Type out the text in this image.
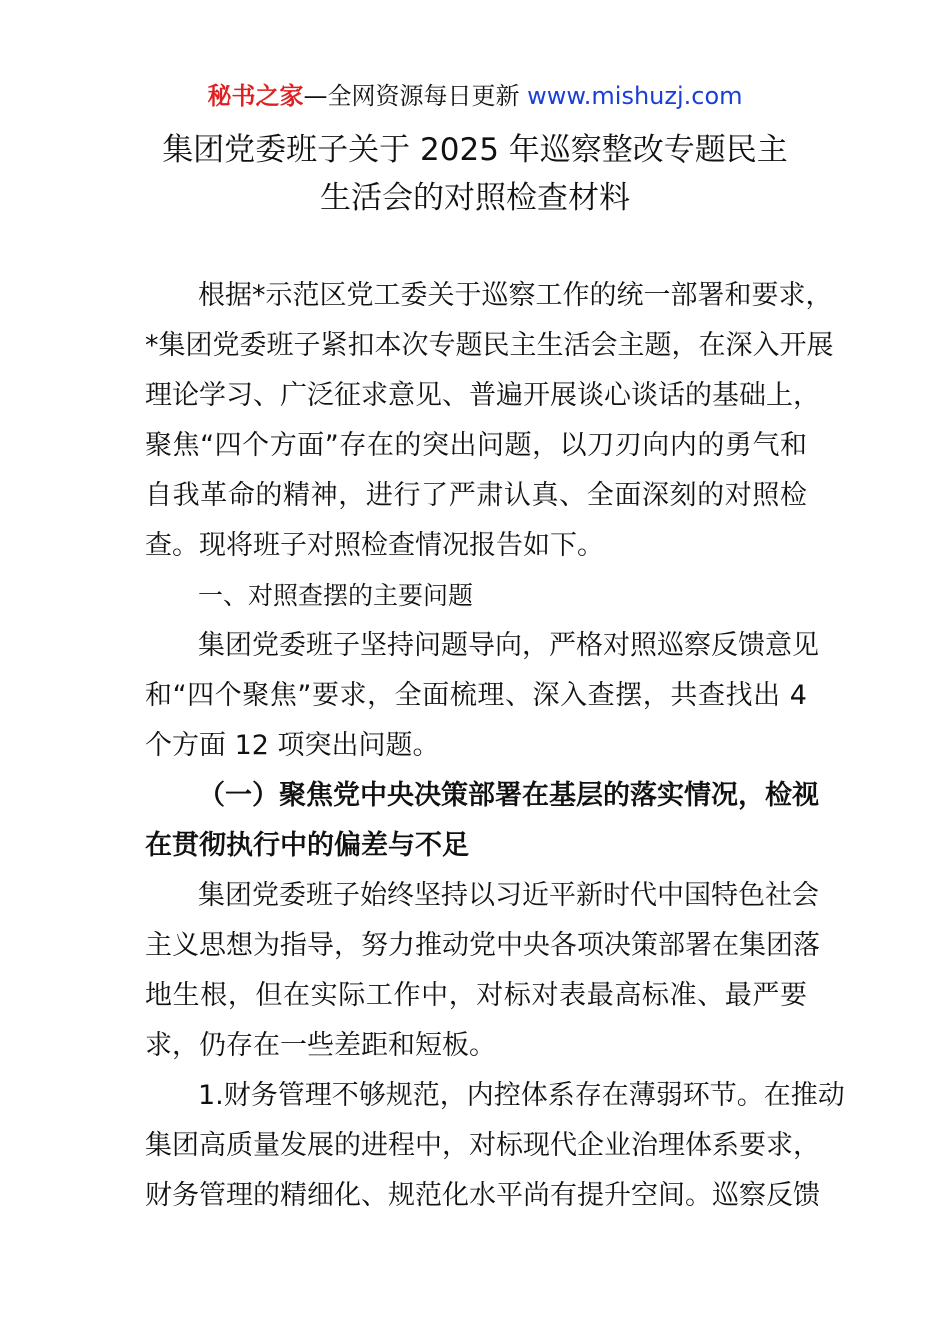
秘书之家—全网资源每日更新 www.mishuzj.com
集团党委班子关于 2025 年巡察整改专题民主
生活会的对照检查材料
根据*示范区党工委关于巡察工作的统一部署和要求，
*集团党委班子紧扣本次专题民主生活会主题，在深入开展
理论学习、广泛征求意见、普遍开展谈心谈话的基础上，
聚焦“四个方面”存在的突出问题，以刀刃向内的勇气和
自我革命的精神，进行了严肃认真、全面深刻的对照检
查。现将班子对照检查情况报告如下。
一、对照查摆的主要问题
集团党委班子坚持问题导向，严格对照巡察反馈意见
和“四个聚焦”要求，全面梳理、深入查摆，共查找出 4
个方面 12 项突出问题。
（一）聚焦党中央决策部署在基层的落实情况，检视
在贯彻执行中的偏差与不足
集团党委班子始终坚持以习近平新时代中国特色社会
主义思想为指导，努力推动党中央各项决策部署在集团落
地生根，但在实际工作中，对标对表最高标准、最严要
求，仍存在一些差距和短板。
1.财务管理不够规范，内控体系存在薄弱环节。在推动
集团高质量发展的进程中，对标现代企业治理体系要求，
财务管理的精细化、规范化水平尚有提升空间。巡察反馈
